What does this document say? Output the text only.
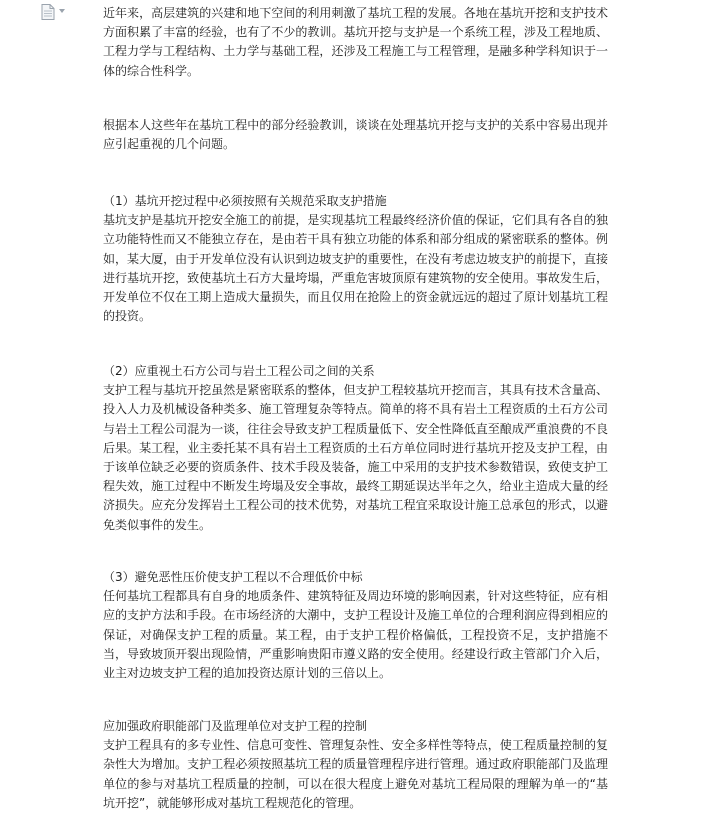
近年来，高层建筑的兴建和地下空间的利用刺激了基坑工程的发展。各地在基坑开挖和支护技术方面积累了丰富的经验，也有了不少的教训。基坑开挖与支护是一个系统工程，涉及工程地质、工程力学与工程结构、土力学与基础工程，还涉及工程施工与工程管理，是融多种学科知识于一体的综合性科学。

根据本人这些年在基坑工程中的部分经验教训，谈谈在处理基坑开挖与支护的关系中容易出现并应引起重视的几个问题。

（1）基坑开挖过程中必须按照有关规范采取支护措施

基坑支护是基坑开挖安全施工的前提，是实现基坑工程最终经济价值的保证，它们具有各自的独立功能特性而又不能独立存在，是由若干具有独立功能的体系和部分组成的紧密联系的整体。例如，某大厦，由于开发单位没有认识到边坡支护的重要性，在没有考虑边坡支护的前提下，直接进行基坑开挖，致使基坑土石方大量垮塌，严重危害坡顶原有建筑物的安全使用。事故发生后，开发单位不仅在工期上造成大量损失，而且仅用在抢险上的资金就远远的超过了原计划基坑工程的投资。

（2）应重视土石方公司与岩土工程公司之间的关系

支护工程与基坑开挖虽然是紧密联系的整体，但支护工程较基坑开挖而言，其具有技术含量高、投入人力及机械设备种类多、施工管理复杂等特点。简单的将不具有岩土工程资质的土石方公司与岩土工程公司混为一谈，往往会导致支护工程质量低下、安全性降低直至酿成严重浪费的不良后果。某工程，业主委托某不具有岩土工程资质的土石方单位同时进行基坑开挖及支护工程，由于该单位缺乏必要的资质条件、技术手段及装备，施工中采用的支护技术参数错误，致使支护工程失效，施工过程中不断发生垮塌及安全事故，最终工期延误达半年之久，给业主造成大量的经济损失。应充分发挥岩土工程公司的技术优势，对基坑工程宜采取设计施工总承包的形式，以避免类似事件的发生。

（3）避免恶性压价使支护工程以不合理低价中标

任何基坑工程都具有自身的地质条件、建筑特征及周边环境的影响因素，针对这些特征，应有相应的支护方法和手段。在市场经济的大潮中，支护工程设计及施工单位的合理利润应得到相应的保证，对确保支护工程的质量。某工程，由于支护工程价格偏低，工程投资不足，支护措施不当，导致坡顶开裂出现险情，严重影响贵阳市遵义路的安全使用。经建设行政主管部门介入后，业主对边坡支护工程的追加投资达原计划的三倍以上。

应加强政府职能部门及监理单位对支护工程的控制

支护工程具有的多专业性、信息可变性、管理复杂性、安全多样性等特点，使工程质量控制的复杂性大为增加。支护工程必须按照基坑工程的质量管理程序进行管理。通过政府职能部门及监理单位的参与对基坑工程质量的控制，可以在很大程度上避免对基坑工程局限的理解为单一的“基坑开挖”，就能够形成对基坑工程规范化的管理。
